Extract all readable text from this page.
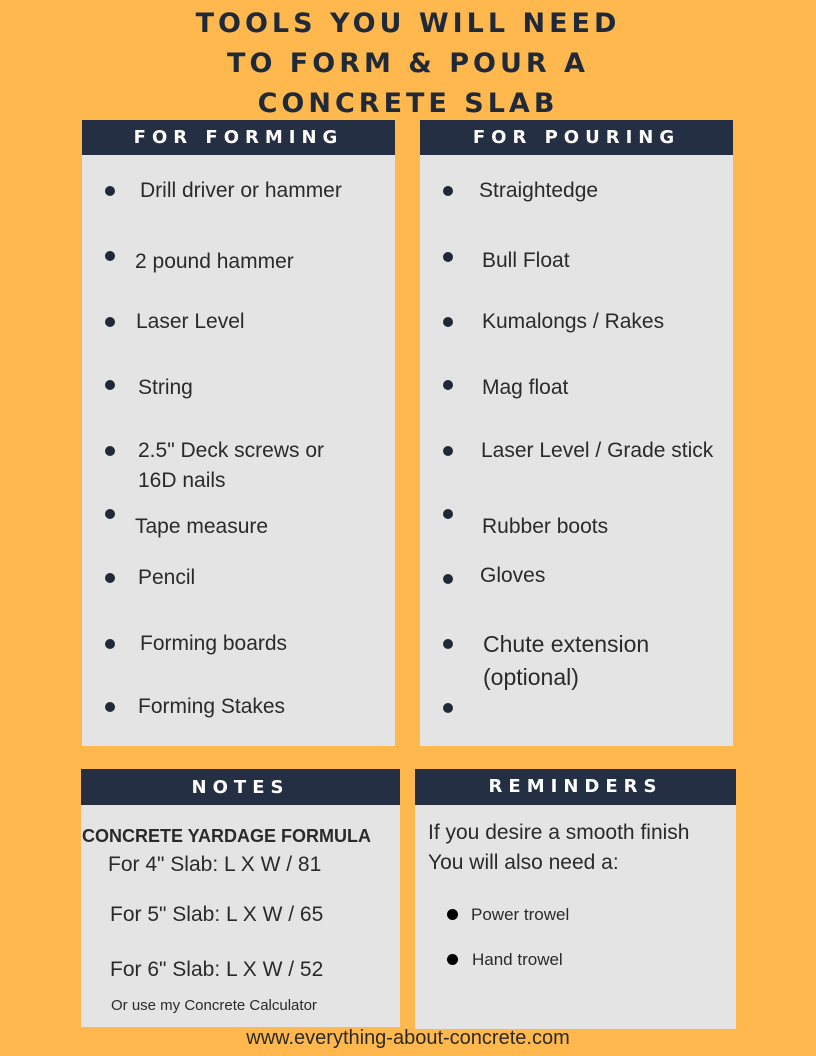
TOOLS YOU WILL NEED
TO FORM & POUR A
CONCRETE SLAB
FOR FORMING
Drill driver or hammer
2 pound hammer
Laser Level
String
2.5" Deck screws or
16D nails
Tape measure
Pencil
Forming boards
Forming Stakes
FOR POURING
Straightedge
Bull Float
Kumalongs / Rakes
Mag float
Laser Level / Grade stick
Rubber boots
Gloves
Chute extension
(optional)
NOTES
CONCRETE YARDAGE FORMULA
For 4" Slab: L X W / 81
For 5" Slab: L X W / 65
For 6" Slab: L X W / 52
Or use my Concrete Calculator
REMINDERS
If you desire a smooth finish
You will also need a:
Power trowel
Hand trowel
www.everything-about-concrete.com
